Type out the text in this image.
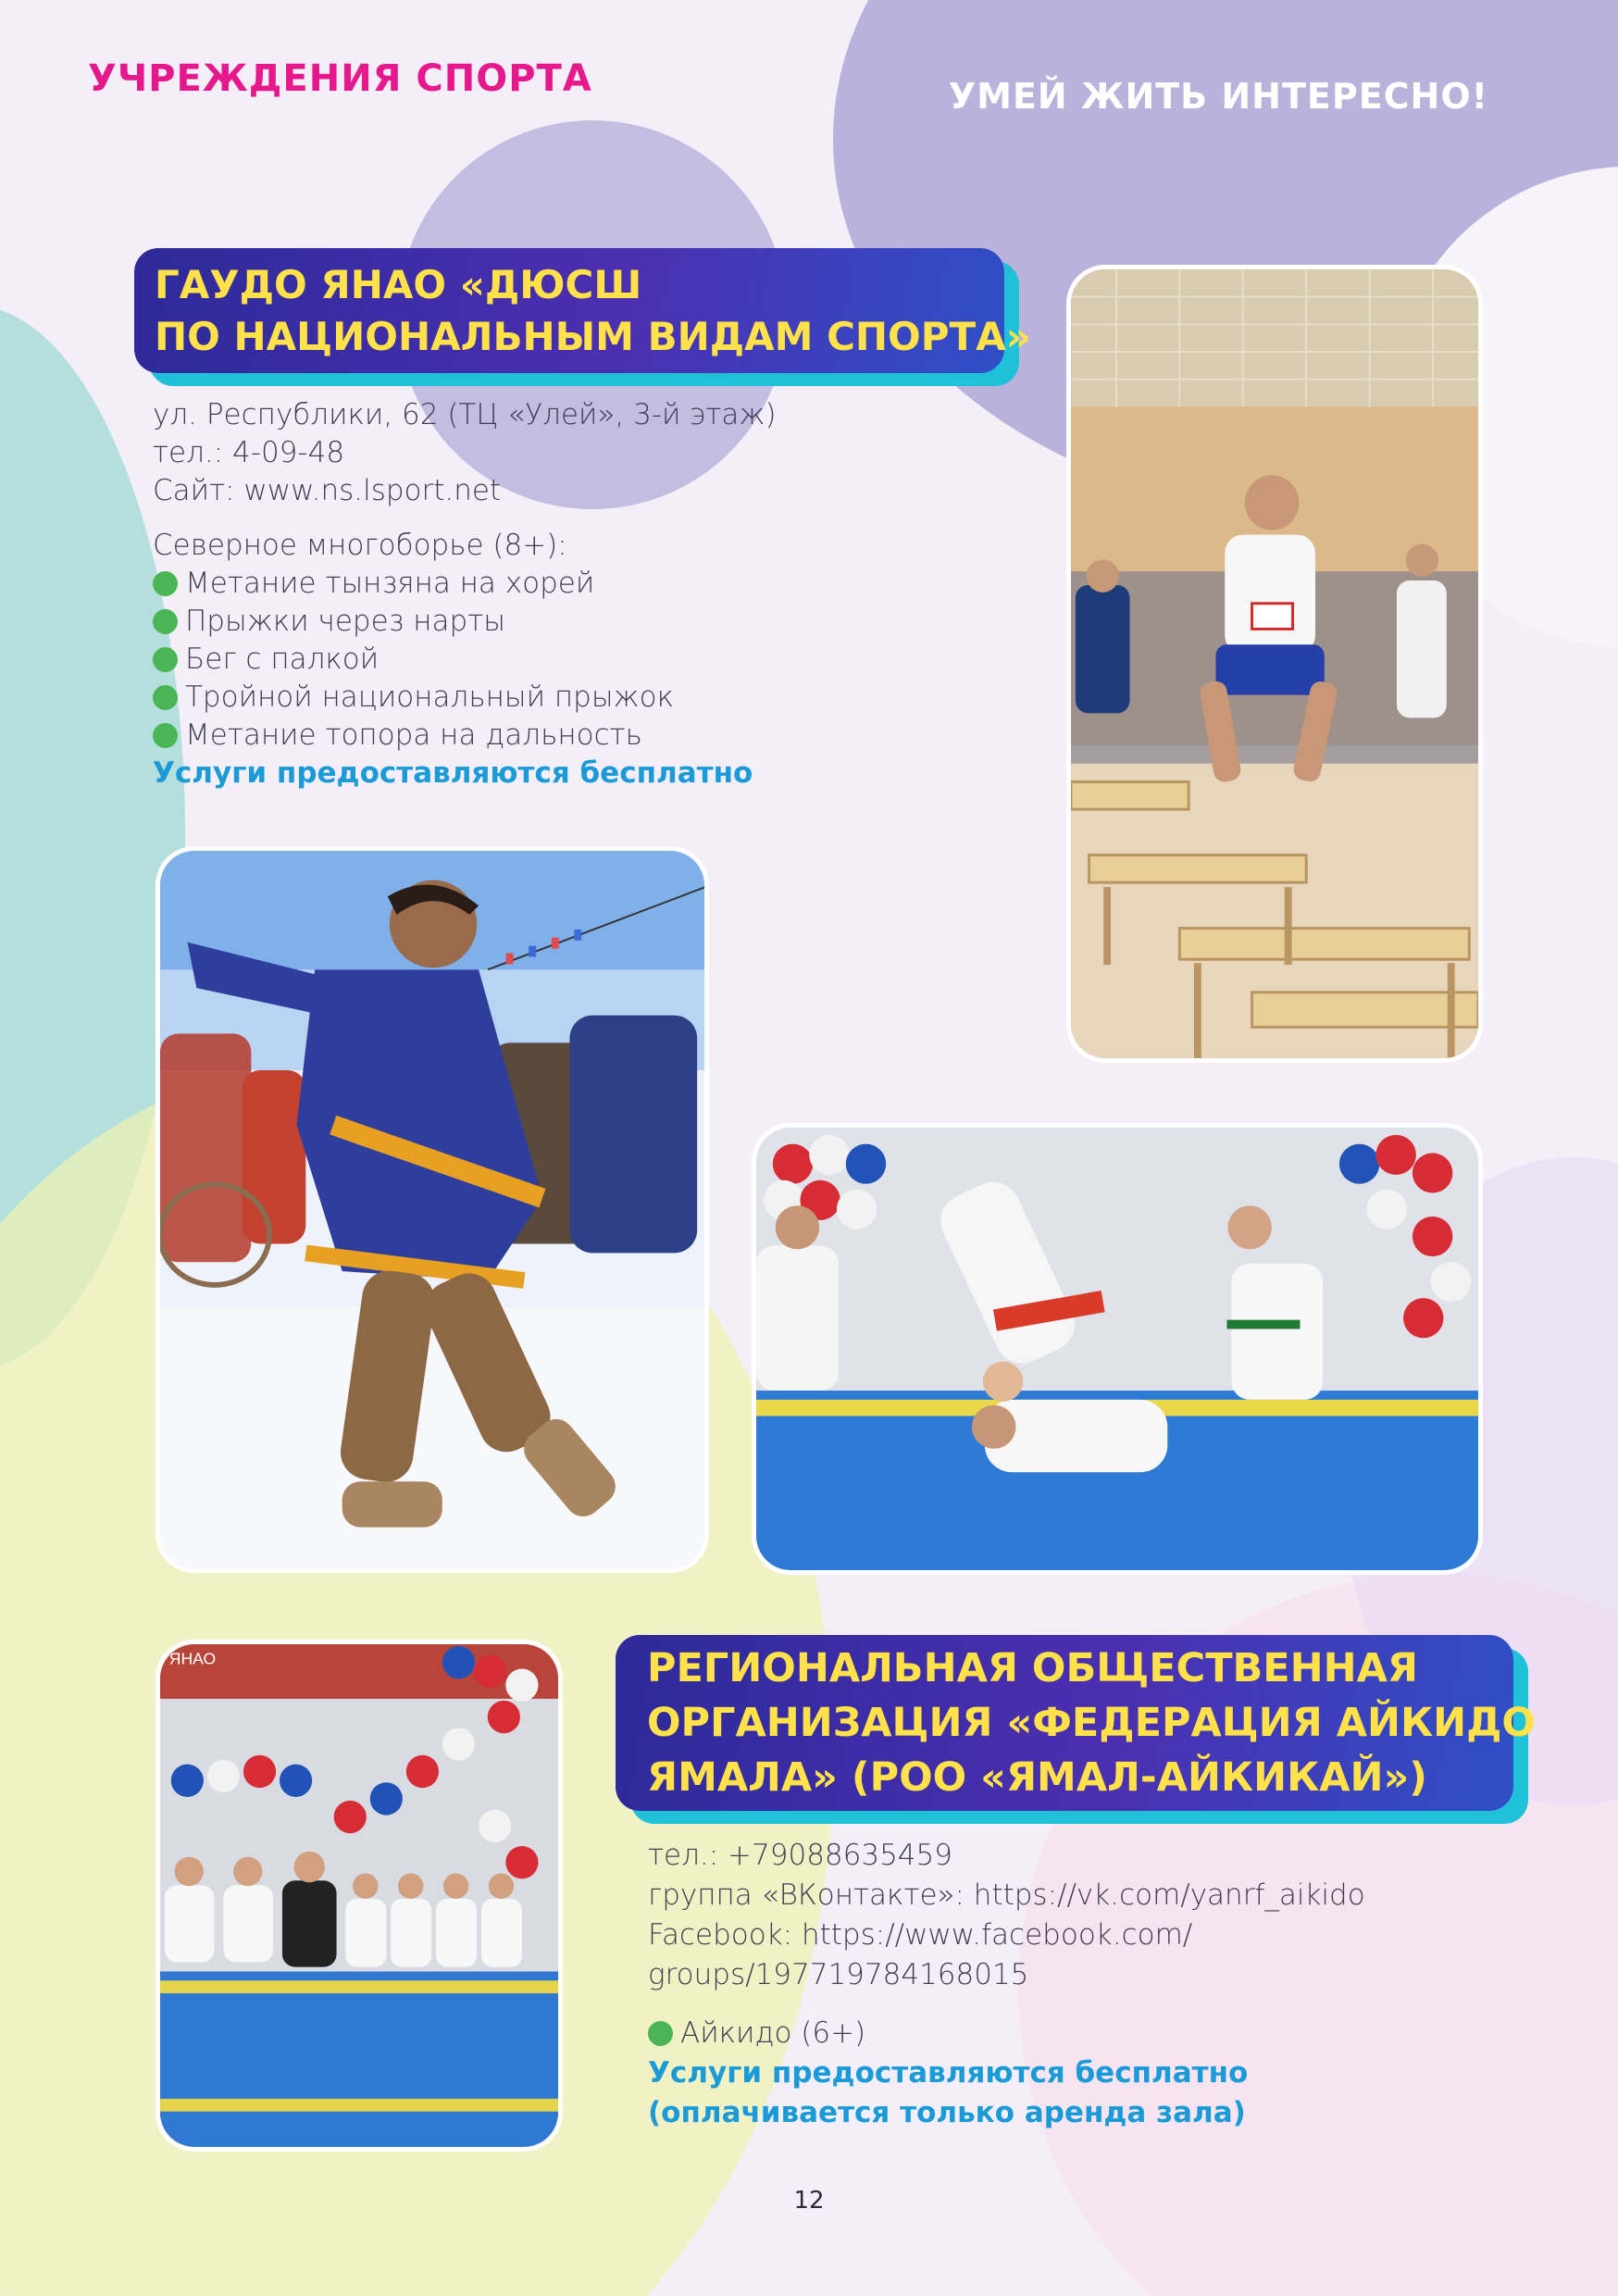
УЧРЕЖДЕНИЯ СПОРТА	УМЕЙ ЖИТЬ ИНТЕРЕСНО!
ГАУДО ЯНАО «ДЮСШ
ПО НАЦИОНАЛЬНЫМ ВИДАМ СПОРТА»
ул. Республики, 62 (ТЦ «Улей», 3-й этаж)
тел.: 4-09-48
Сайт: www.ns.lsport.net
Северное многоборье (8+):
Метание тынзяна на хорей
Прыжки через нарты
Бег с палкой
Тройной национальный прыжок
Метание топора на дальность
Услуги предоставляются бесплатно
ЯНАО	РЕГИОНАЛЬНАЯ ОБЩЕСТВЕННАЯ
ОРГАНИЗАЦИЯ «ФЕДЕРАЦИЯ АЙКИДО
ЯМАЛА» (РОО «ЯМАЛ-АЙКИКАЙ»)
тел.: +79088635459
группа «ВКонтакте»: https://vk.com/yanrf_aikido
Facebook: https://www.facebook.com/
groups/197719784168015
Айкидо (6+)
Услуги предоставляются бесплатно
(оплачивается только аренда зала)
12
